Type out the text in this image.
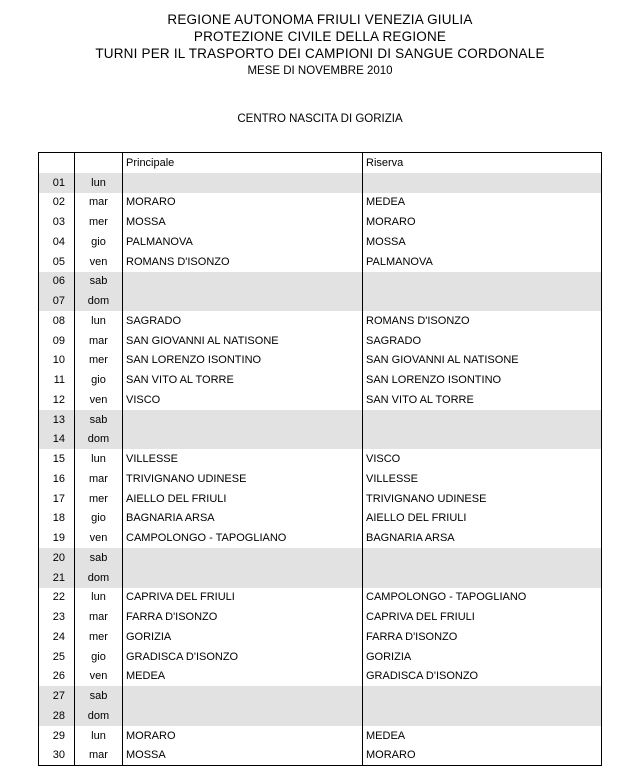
REGIONE AUTONOMA FRIULI VENEZIA GIULIA
PROTEZIONE CIVILE DELLA REGIONE
TURNI PER IL TRASPORTO DEI CAMPIONI DI SANGUE CORDONALE
MESE DI NOVEMBRE 2010
CENTRO NASCITA DI GORIZIA
		Principale	Riserva
01	lun		
02	mar	MORARO	MEDEA
03	mer	MOSSA	MORARO
04	gio	PALMANOVA	MOSSA
05	ven	ROMANS D'ISONZO	PALMANOVA
06	sab		
07	dom		
08	lun	SAGRADO	ROMANS D'ISONZO
09	mar	SAN GIOVANNI AL NATISONE	SAGRADO
10	mer	SAN LORENZO ISONTINO	SAN GIOVANNI AL NATISONE
11	gio	SAN VITO AL TORRE	SAN LORENZO ISONTINO
12	ven	VISCO	SAN VITO AL TORRE
13	sab		
14	dom		
15	lun	VILLESSE	VISCO
16	mar	TRIVIGNANO UDINESE	VILLESSE
17	mer	AIELLO DEL FRIULI	TRIVIGNANO UDINESE
18	gio	BAGNARIA ARSA	AIELLO DEL FRIULI
19	ven	CAMPOLONGO - TAPOGLIANO	BAGNARIA ARSA
20	sab		
21	dom		
22	lun	CAPRIVA DEL FRIULI	CAMPOLONGO - TAPOGLIANO
23	mar	FARRA D'ISONZO	CAPRIVA DEL FRIULI
24	mer	GORIZIA	FARRA D'ISONZO
25	gio	GRADISCA D'ISONZO	GORIZIA
26	ven	MEDEA	GRADISCA D'ISONZO
27	sab		
28	dom		
29	lun	MORARO	MEDEA
30	mar	MOSSA	MORARO
